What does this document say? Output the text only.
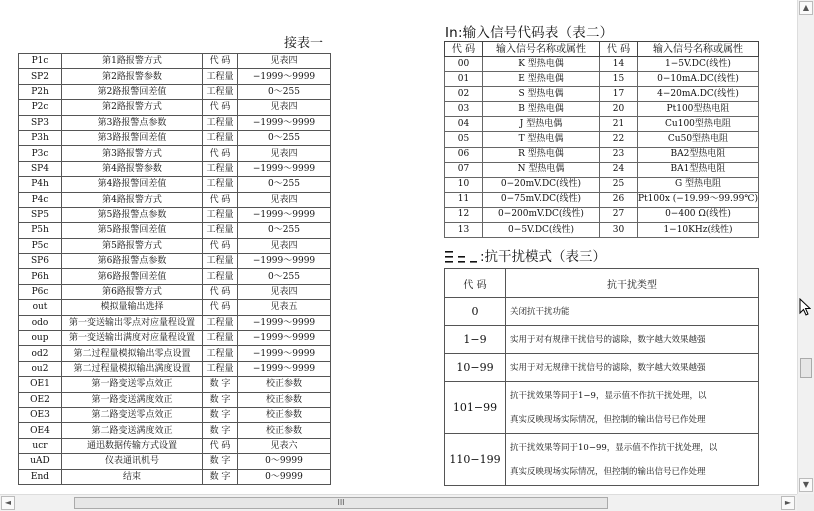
接表一
P1c	第1路报警方式	代 码	见表四
SP2	第2路报警参数	工程量	−1999～9999
P2h	第2路报警回差值	工程量	0～255
P2c	第2路报警方式	代 码	见表四
SP3	第3路报警点参数	工程量	−1999～9999
P3h	第3路报警回差值	工程量	0～255
P3c	第3路报警方式	代 码	见表四
SP4	第4路报警参数	工程量	−1999～9999
P4h	第4路报警回差值	工程量	0～255
P4c	第4路报警方式	代 码	见表四
SP5	第5路报警点参数	工程量	−1999～9999
P5h	第5路报警回差值	工程量	0～255
P5c	第5路报警方式	代 码	见表四
SP6	第6路报警点参数	工程量	−1999～9999
P6h	第6路报警回差值	工程量	0～255
P6c	第6路报警方式	代 码	见表四
out	模拟量输出选择	代 码	见表五
odo	第一变送输出零点对应量程设置	工程量	−1999～9999
oup	第一变送输出满度对应量程设置	工程量	−1999～9999
od2	第二过程量模拟输出零点设置	工程量	−1999～9999
ou2	第二过程量模拟输出满度设置	工程量	−1999～9999
OE1	第一路变送零点效正	数 字	校正参数
OE2	第一路变送满度效正	数 字	校正参数
OE3	第二路变送零点效正	数 字	校正参数
OE4	第二路变送满度效正	数 字	校正参数
ucr	通迅数据传输方式设置	代 码	见表六
uAD	仪表通讯机号	数 字	0～9999
End	结束	数 字	0～9999
In:输入信号代码表（表二）
代 码	输入信号名称或属性	代 码	输入信号名称或属性
00	K 型热电偶	14	1−5V.DC(线性)
01	E 型热电偶	15	0−10mA.DC(线性)
02	S 型热电偶	17	4−20mA.DC(线性)
03	B 型热电偶	20	Pt100型热电阻
04	J 型热电偶	21	Cu100型热电阻
05	T 型热电偶	22	Cu50型热电阻
06	R 型热电偶	23	BA2型热电阻
07	N 型热电偶	24	BA1型热电阻
10	0−20mV.DC(线性)	25	G 型热电阻
11	0−75mV.DC(线性)	26	Pt100x (−19.99～99.99℃)
12	0−200mV.DC(线性)	27	0−400 Ω(线性)
13	0−5V.DC(线性)	30	1−10KHz(线性)
:抗干扰模式（表三）
代 码	抗干扰类型
0	关闭抗干扰功能

1−9	实用于对有规律干扰信号的滤除，数字越大效果越强

10−99	实用于对无规律干扰信号的滤除，数字越大效果越强

101−99	抗干扰效果等同于1−9，显示值不作抗干扰处理，以
真实反映现场实际情况，但控制的输出信号已作处理

110−199	抗干扰效果等同于10−99，显示值不作抗干扰处理，以
真实反映现场实际情况，但控制的输出信号已作处理
▲
▼
◄	III	►
